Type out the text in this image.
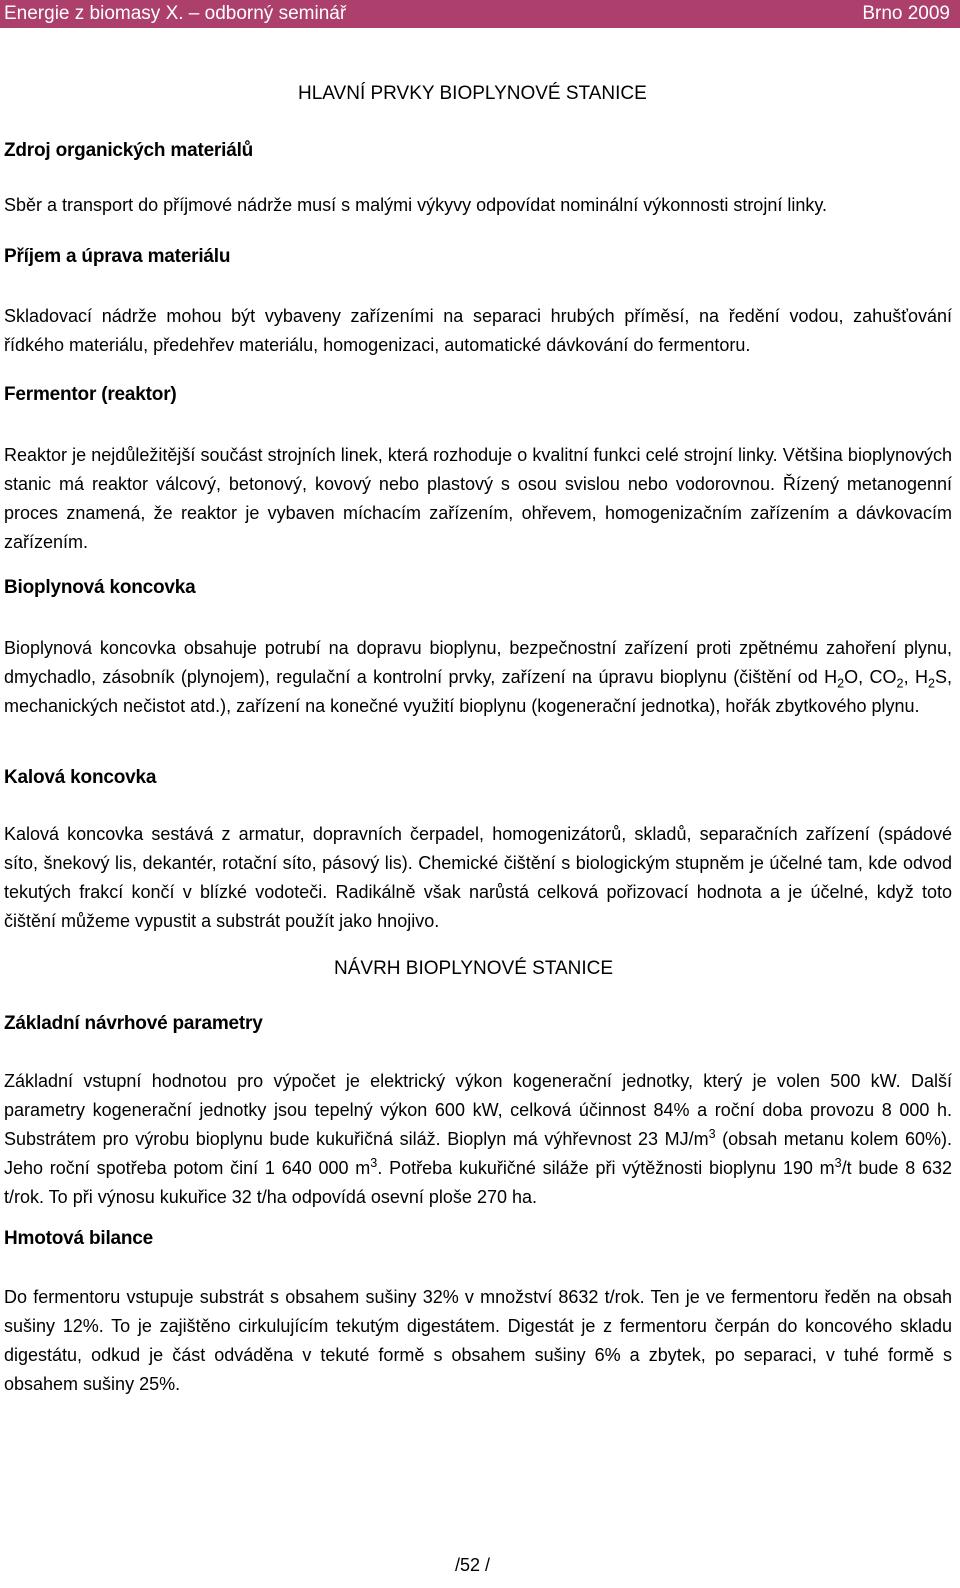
Energie z biomasy X. – odborný seminář	Brno 2009
HLAVNÍ PRVKY BIOPLYNOVÉ STANICE
Zdroj organických materiálů

Sběr a transport do příjmové nádrže musí s malými výkyvy odpovídat nominální výkonnosti strojní linky.

Příjem a úprava materiálu

Skladovací nádrže mohou být vybaveny zařízeními na separaci hrubých příměsí, na ředění vodou, zahušťování řídkého materiálu, předehřev materiálu, homogenizaci, automatické dávkování do fermentoru.

Fermentor (reaktor)

Reaktor je nejdůležitější součást strojních linek, která rozhoduje o kvalitní funkci celé strojní linky. Většina bioplynových stanic má reaktor válcový, betonový, kovový nebo plastový s osou svislou nebo vodorovnou. Řízený metanogenní proces znamená, že reaktor je vybaven míchacím zařízením, ohřevem, homogenizačním zařízením a dávkovacím zařízením.

Bioplynová koncovka

Bioplynová koncovka obsahuje potrubí na dopravu bioplynu, bezpečnostní zařízení proti zpětnému zahoření plynu, dmychadlo, zásobník (plynojem), regulační a kontrolní prvky, zařízení na úpravu bioplynu (čištění od $H_2O$, $CO_2$, $H_2S$, mechanických nečistot atd.), zařízení na konečné využití bioplynu (kogenerační jednotka), hořák zbytkového plynu.

Kalová koncovka

Kalová koncovka sestává z armatur, dopravních čerpadel, homogenizátorů, skladů, separačních zařízení (spádové síto, šnekový lis, dekantér, rotační síto, pásový lis). Chemické čištění s biologickým stupněm je účelné tam, kde odvod tekutých frakcí končí v blízké vodoteči. Radikálně však narůstá celková pořizovací hodnota a je účelné, když toto čištění můžeme vypustit a substrát použít jako hnojivo.

NÁVRH BIOPLYNOVÉ STANICE
Základní návrhové parametry

Základní vstupní hodnotou pro výpočet je elektrický výkon kogenerační jednotky, který je volen 500 kW. Další parametry kogenerační jednotky jsou tepelný výkon 600 kW, celková účinnost 84% a roční doba provozu 8 000 h. Substrátem pro výrobu bioplynu bude kukuřičná siláž. Bioplyn má výhřevnost 23 $MJ/m^3$ (obsah metanu kolem 60%). Jeho roční spotřeba potom činí 1 640 000 $m^3$. Potřeba kukuřičné siláže při výtěžnosti bioplynu 190 $m^3/t$ bude 8 632 t/rok. To při výnosu kukuřice 32 t/ha odpovídá osevní ploše 270 ha.

Hmotová bilance

Do fermentoru vstupuje substrát s obsahem sušiny 32% v množství 8632 t/rok. Ten je ve fermentoru ředěn na obsah sušiny 12%. To je zajištěno cirkulujícím tekutým digestátem. Digestát je z fermentoru čerpán do koncového skladu digestátu, odkud je část odváděna v tekuté formě s obsahem sušiny 6% a zbytek, po separaci, v tuhé formě s obsahem sušiny 25%.

/52 /
